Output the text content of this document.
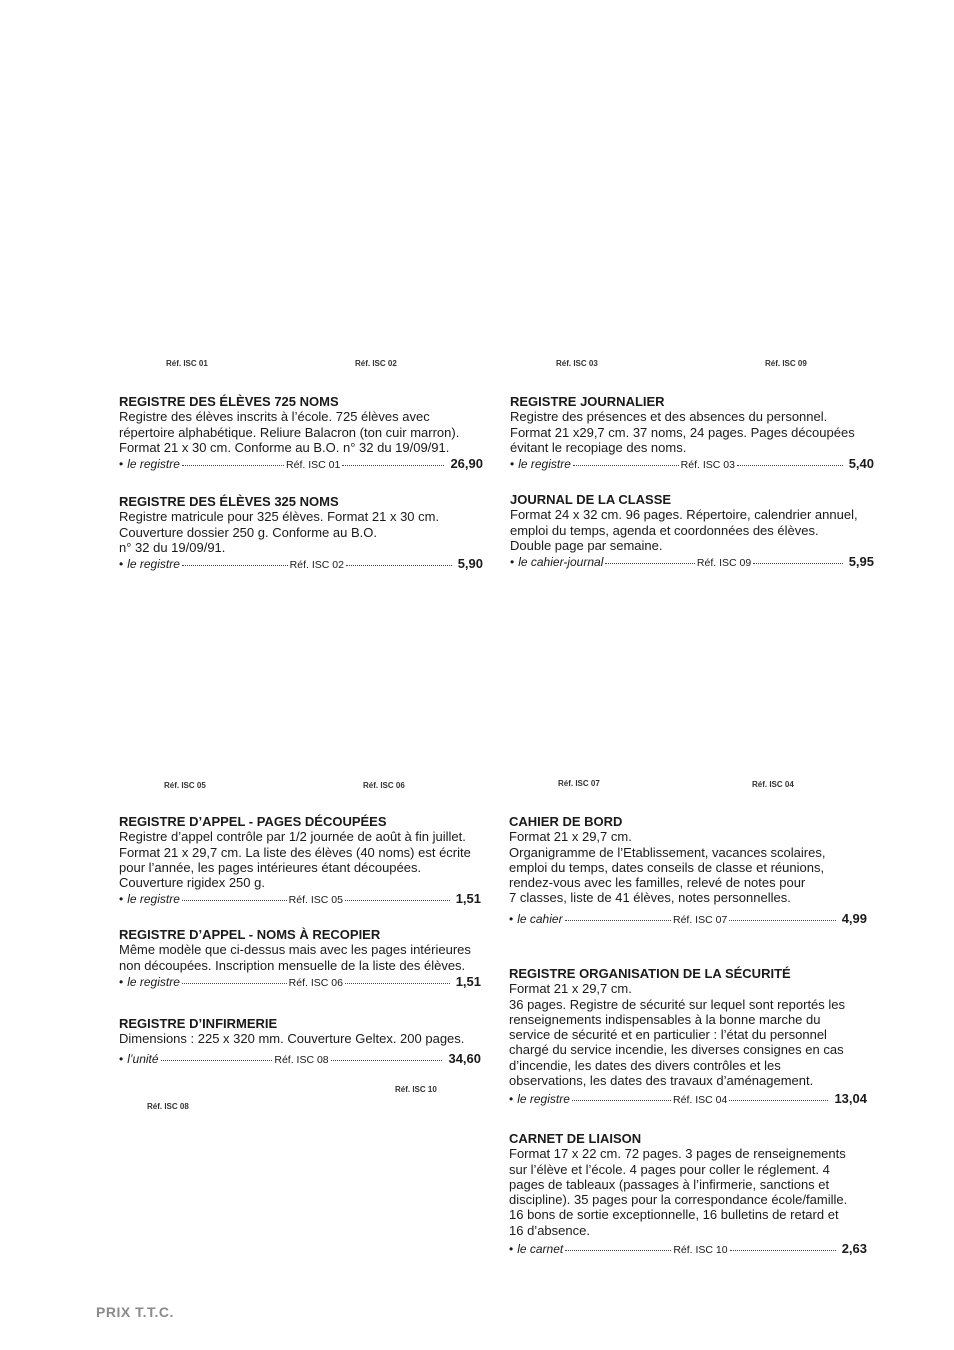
Réf. ISC 01	Réf. ISC 02	Réf. ISC 03	Réf. ISC 09
Réf. ISC 05	Réf. ISC 06	Réf. ISC 07	Réf. ISC 04
Réf. ISC 10
Réf. ISC 08
REGISTRE DES ÉLÈVES 725 NOMS
Registre des élèves inscrits à l’école. 725 élèves avec
répertoire alphabétique. Reliure Balacron (ton cuir marron).
Format 21 x 30 cm. Conforme au B.O. n° 32 du 19/09/91.
• le registre	Réf. ISC 01	26,90
REGISTRE DES ÉLÈVES 325 NOMS
Registre matricule pour 325 élèves. Format 21 x 30 cm.
Couverture dossier 250 g. Conforme au B.O.
n° 32 du 19/09/91.
• le registre	Réf. ISC 02	5,90
REGISTRE JOURNALIER
Registre des présences et des absences du personnel.
Format 21 x29,7 cm. 37 noms, 24 pages. Pages découpées
évitant le recopiage des noms.
• le registre	Réf. ISC 03	5,40
JOURNAL DE LA CLASSE
Format 24 x 32 cm. 96 pages. Répertoire, calendrier annuel,
emploi du temps, agenda et coordonnées des élèves.
Double page par semaine.
• le cahier-journal	Réf. ISC 09	5,95
REGISTRE D’APPEL - PAGES DÉCOUPÉES
Registre d’appel contrôle par 1/2 journée de août à fin juillet.
Format 21 x 29,7 cm. La liste des élèves (40 noms) est écrite
pour l’année, les pages intérieures étant découpées.
Couverture rigidex 250 g.
• le registre	Réf. ISC 05	1,51
REGISTRE D’APPEL - NOMS À RECOPIER
Même modèle que ci-dessus mais avec les pages intérieures
non découpées. Inscription mensuelle de la liste des élèves.
• le registre	Réf. ISC 06	1,51
REGISTRE D’INFIRMERIE
Dimensions : 225 x 320 mm. Couverture Geltex. 200 pages.
• l’unité	Réf. ISC 08	34,60
CAHIER DE BORD
Format 21 x 29,7 cm.
Organigramme de l’Etablissement, vacances scolaires,
emploi du temps, dates conseils de classe et réunions,
rendez-vous avec les familles, relevé de notes pour
7 classes, liste de 41 élèves, notes personnelles.
• le cahier	Réf. ISC 07	4,99
REGISTRE ORGANISATION DE LA SÉCURITÉ
Format 21 x 29,7 cm.
36 pages. Registre de sécurité sur lequel sont reportés les
renseignements indispensables à la bonne marche du
service de sécurité et en particulier : l’état du personnel
chargé du service incendie, les diverses consignes en cas
d’incendie, les dates des divers contrôles et les
observations, les dates des travaux d’aménagement.
• le registre	Réf. ISC 04	13,04
CARNET DE LIAISON
Format 17 x 22 cm. 72 pages. 3 pages de renseignements
sur l’élève et l’école. 4 pages pour coller le réglement. 4
pages de tableaux (passages à l’infirmerie, sanctions et
discipline). 35 pages pour la correspondance école/famille.
16 bons de sortie exceptionnelle, 16 bulletins de retard et
16 d’absence.
• le carnet	Réf. ISC 10	2,63
PRIX T.T.C.
